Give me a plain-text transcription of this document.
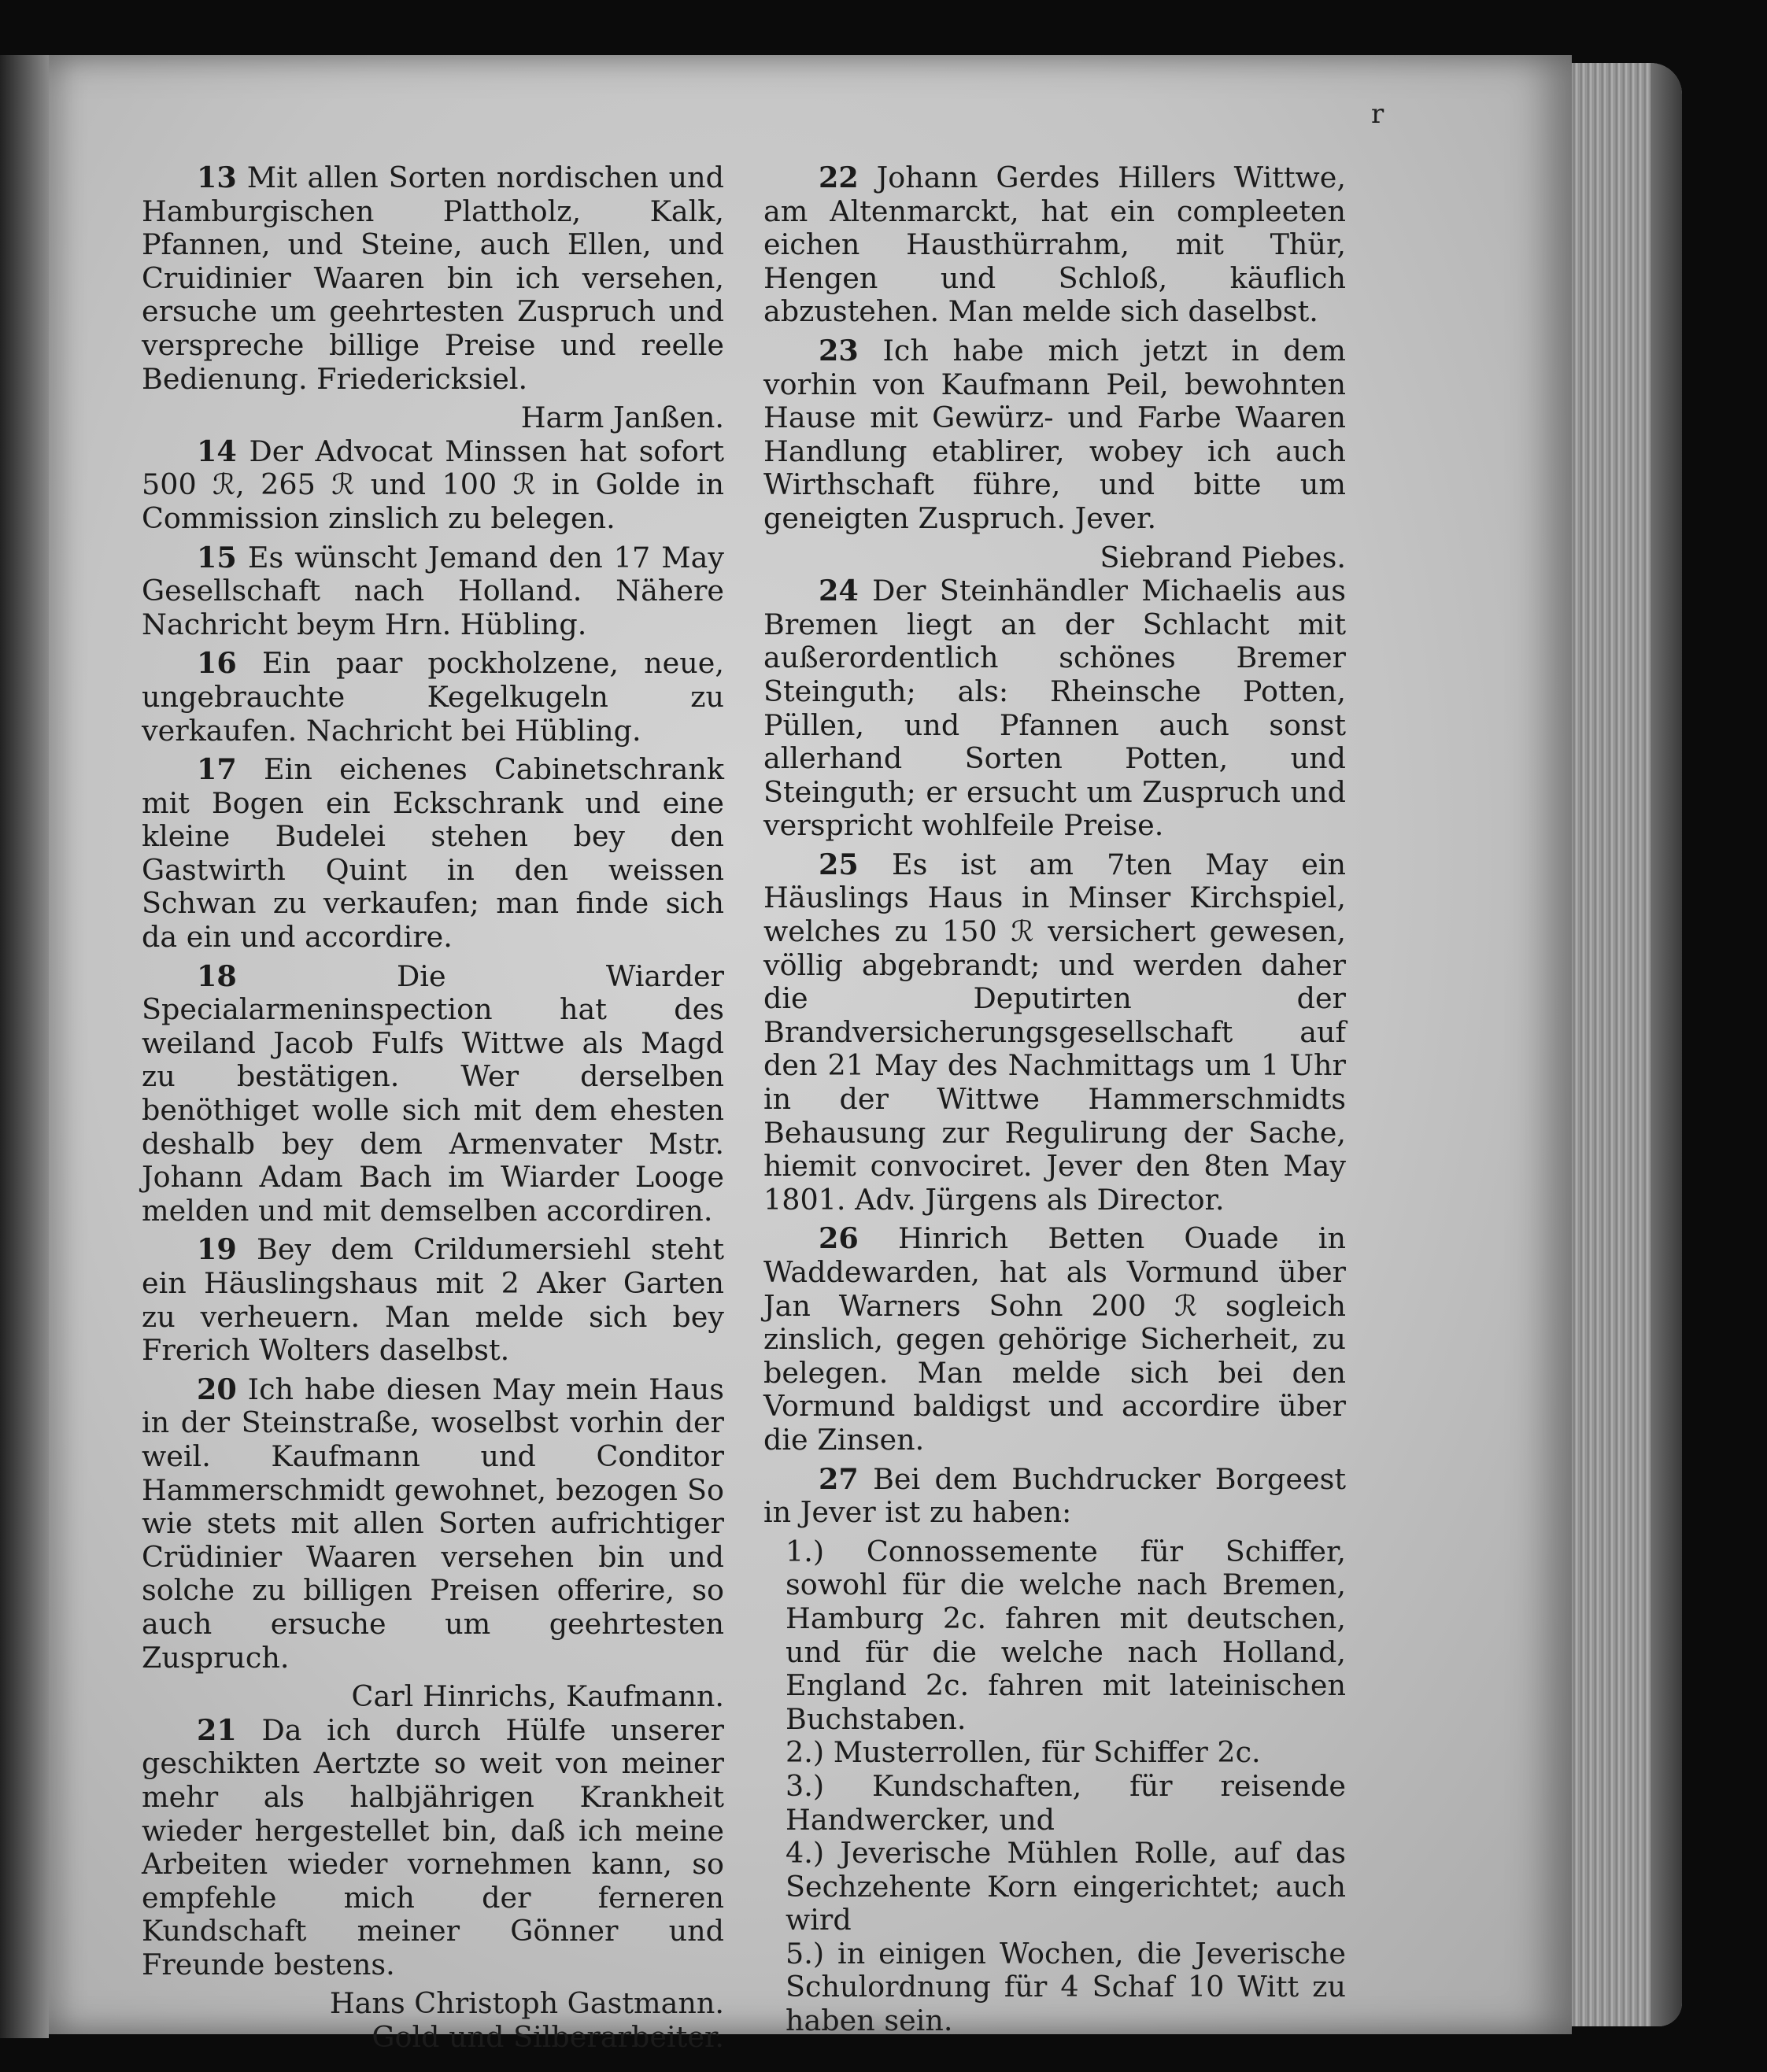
r

13 Mit allen Sorten nordischen und Hamburgischen Plattholz, Kalk, Pfannen, und Steine, auch Ellen, und Cruidinier Waaren bin ich versehen, ersuche um geehrtesten Zuspruch und verspreche billige Preise und reelle Bedienung. Friedericksiel.

Harm Janßen.

14 Der Advocat Minssen hat sofort 500 ℛ, 265 ℛ und 100 ℛ in Golde in Commission zinslich zu belegen.

15 Es wünscht Jemand den 17 May Gesellschaft nach Holland. Nähere Nachricht beym Hrn. Hübling.

16 Ein paar pockholzene, neue, ungebrauchte Kegelkugeln zu verkaufen. Nachricht bei Hübling.

17 Ein eichenes Cabinetschrank mit Bogen ein Eckschrank und eine kleine Budelei stehen bey den Gastwirth Quint in den weissen Schwan zu verkaufen; man finde sich da ein und accordire.

18	Die Wiarder Specialarmeninspection hat des weiland Jacob Fulfs Wittwe als Magd zu bestätigen. Wer derselben benöthiget wolle sich mit dem ehesten deshalb bey dem Armenvater Mstr. Johann Adam Bach im Wiarder Looge melden und mit demselben accordiren.

19 Bey dem Crildumersiehl steht ein Häuslingshaus mit 2 Aker Garten zu verheuern. Man melde sich bey Frerich Wolters daselbst.

20 Ich habe diesen May mein Haus in der Steinstraße, woselbst vorhin der weil. Kaufmann und Conditor Hammerschmidt gewohnet, bezogen So wie stets mit allen Sorten aufrichtiger Crüdinier Waaren versehen bin und solche zu billigen Preisen offerire, so auch ersuche um geehrtesten Zuspruch.

Carl Hinrichs, Kaufmann.

21 Da ich durch Hülfe unserer geschikten Aertzte so weit von meiner mehr als halbjährigen Krankheit wieder hergestellet bin, daß ich meine Arbeiten wieder vornehmen kann, so empfehle mich der ferneren Kundschaft meiner Gönner und Freunde bestens.

Hans Christoph Gastmann.

Gold und Silberarbeiter.

22 Johann Gerdes Hillers Wittwe, am Altenmarckt, hat ein compleeten eichen Hausthürrahm, mit Thür, Hengen und Schloß, käuflich abzustehen. Man melde sich daselbst.

23 Ich habe mich jetzt in dem vorhin von Kaufmann Peil, bewohnten Hause mit Gewürz- und Farbe Waaren Handlung etablirer, wobey ich auch Wirthschaft führe, und bitte um geneigten Zuspruch. Jever.

Siebrand Piebes.

24 Der Steinhändler Michaelis aus Bremen liegt an der Schlacht mit außerordentlich schönes Bremer Steinguth; als: Rheinsche Potten, Püllen, und Pfannen auch sonst allerhand Sorten Potten, und Steinguth; er ersucht um Zuspruch und verspricht wohlfeile Preise.

25 Es ist am 7ten May ein Häuslings Haus in Minser Kirchspiel, welches zu 150 ℛ versichert gewesen, völlig abgebrandt; und werden daher die Deputirten der Brandversicherungsgesellschaft auf den 21 May des Nachmittags um 1 Uhr in der Wittwe Hammerschmidts Behausung zur Regulirung der Sache, hiemit convociret. Jever den 8ten May 1801. Adv. Jürgens als Director.

26 Hinrich Betten Ouade in Waddewarden, hat als Vormund über Jan Warners Sohn 200 ℛ sogleich zinslich, gegen gehörige Sicherheit, zu belegen. Man melde sich bei den Vormund baldigst und accordire über die Zinsen.

27 Bei dem Buchdrucker Borgeest in Jever ist zu haben:

1.) Connossemente für Schiffer, sowohl für die welche nach Bremen, Hamburg 2c. fahren mit deutschen, und für die welche nach Holland, England 2c. fahren mit lateinischen Buchstaben.

2.) Musterrollen, für Schiffer 2c.

3.) Kundschaften, für reisende Handwercker, und

4.) Jeverische Mühlen Rolle, auf das Sechzehente Korn eingerichtet; auch wird

5.) in einigen Wochen, die Jeverische Schulordnung für 4 Schaf 10 Witt zu haben sein.
